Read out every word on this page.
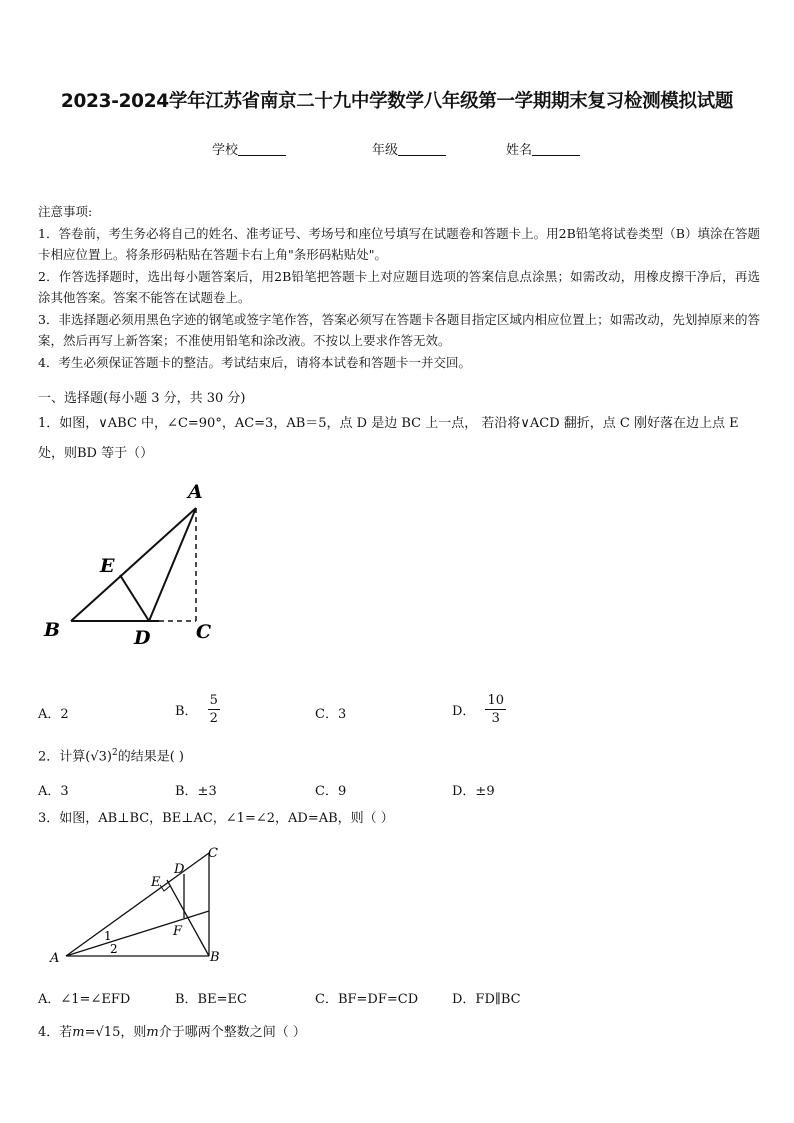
2023-2024学年江苏省南京二十九中学数学八年级第一学期期末复习检测模拟试题
学校	年级	姓名

注意事项:

1．答卷前，考生务必将自己的姓名、准考证号、考场号和座位号填写在试题卷和答题卡上。用2B铅笔将试卷类型（B）填涂在答题卡相应位置上。将条形码粘贴在答题卡右上角"条形码粘贴处"。

2．作答选择题时，选出每小题答案后，用2B铅笔把答题卡上对应题目选项的答案信息点涂黑；如需改动，用橡皮擦干净后，再选涂其他答案。答案不能答在试题卷上。

3．非选择题必须用黑色字迹的钢笔或签字笔作答，答案必须写在答题卡各题目指定区域内相应位置上；如需改动，先划掉原来的答案，然后再写上新答案；不准使用铅笔和涂改液。不按以上要求作答无效。

4．考生必须保证答题卡的整洁。考试结束后，请将本试卷和答题卡一并交回。

一、选择题(每小题 3 分，共 30 分)
1．如图，∨ABC 中，∠C=90°，AC=3，AB＝5，点 D 是边 BC 上一点， 若沿将∨ACD 翻折，点 C 刚好落在边上点 E
处，则BD 等于（）
A
E
B	D C
A．2	B． $\frac{5}{2}$	C．3	D． $\frac{10}{3}$
2．计算$(√3)^2$的结果是( )
A．3	B．±3	C．9	D．±9
3．如图，AB⊥BC，BE⊥AC，∠1=∠2，AD=AB，则（ ）
A	B
C
D
E
F
1
2
A．∠1=∠EFD	B．BE=EC	C．BF=DF=CD	D．FD∥BC
4．若m=√15，则m介于哪两个整数之间（ ）
